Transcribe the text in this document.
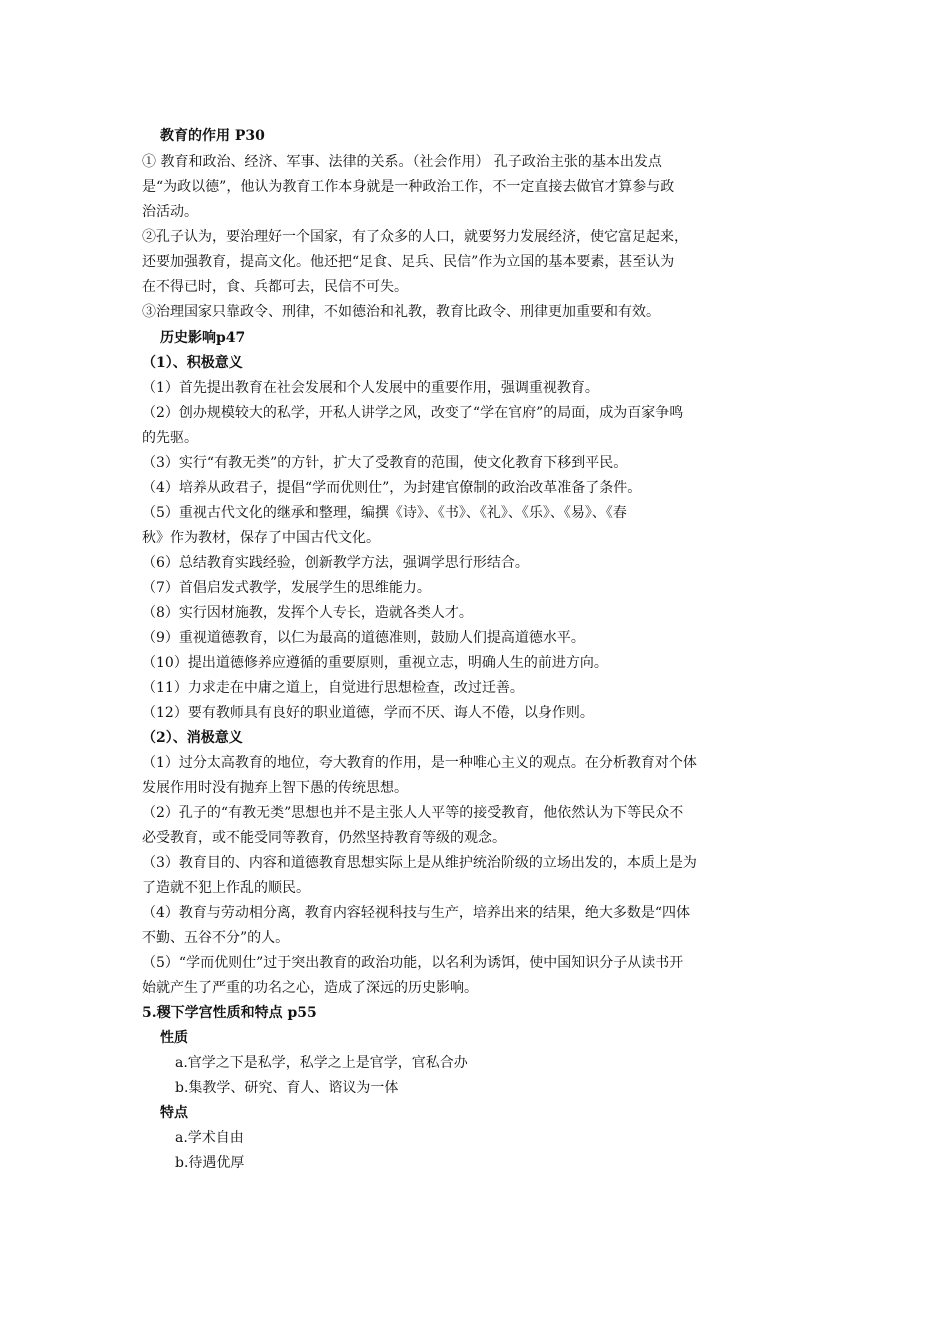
教育的作用 P30
① 教育和政治、经济、军事、法律的关系。（社会作用） 孔子政治主张的基本出发点
是“为政以德”，他认为教育工作本身就是一种政治工作，不一定直接去做官才算参与政
治活动。
②孔子认为，要治理好一个国家，有了众多的人口，就要努力发展经济，使它富足起来，
还要加强教育，提高文化。他还把“足食、足兵、民信”作为立国的基本要素，甚至认为
在不得已时，食、兵都可去，民信不可失。
③治理国家只靠政令、刑律，不如德治和礼教，教育比政令、刑律更加重要和有效。
历史影响p47
（1）、积极意义
（1）首先提出教育在社会发展和个人发展中的重要作用，强调重视教育。
（2）创办规模较大的私学，开私人讲学之风，改变了“学在官府”的局面，成为百家争鸣
的先驱。
（3）实行“有教无类”的方针，扩大了受教育的范围，使文化教育下移到平民。
（4）培养从政君子，提倡“学而优则仕”，为封建官僚制的政治改革准备了条件。
（5）重视古代文化的继承和整理，编撰《诗》、《书》、《礼》、《乐》、《易》、《春
秋》作为教材，保存了中国古代文化。
（6）总结教育实践经验，创新教学方法，强调学思行形结合。
（7）首倡启发式教学，发展学生的思维能力。
（8）实行因材施教，发挥个人专长，造就各类人才。
（9）重视道德教育，以仁为最高的道德准则，鼓励人们提高道德水平。
（10）提出道德修养应遵循的重要原则，重视立志，明确人生的前进方向。
（11）力求走在中庸之道上，自觉进行思想检查，改过迁善。
（12）要有教师具有良好的职业道德，学而不厌、诲人不倦，以身作则。
（2）、消极意义
（1）过分太高教育的地位，夸大教育的作用，是一种唯心主义的观点。在分析教育对个体
发展作用时没有抛弃上智下愚的传统思想。
（2）孔子的“有教无类”思想也并不是主张人人平等的接受教育，他依然认为下等民众不
必受教育，或不能受同等教育，仍然坚持教育等级的观念。
（3）教育目的、内容和道德教育思想实际上是从维护统治阶级的立场出发的，本质上是为
了造就不犯上作乱的顺民。
（4）教育与劳动相分离，教育内容轻视科技与生产，培养出来的结果，绝大多数是“四体
不勤、五谷不分”的人。
（5）“学而优则仕”过于突出教育的政治功能，以名利为诱饵，使中国知识分子从读书开
始就产生了严重的功名之心，造成了深远的历史影响。
5.稷下学宫性质和特点 p55
性质
a.官学之下是私学，私学之上是官学，官私合办
b.集教学、研究、育人、谘议为一体
特点
a.学术自由
b.待遇优厚
